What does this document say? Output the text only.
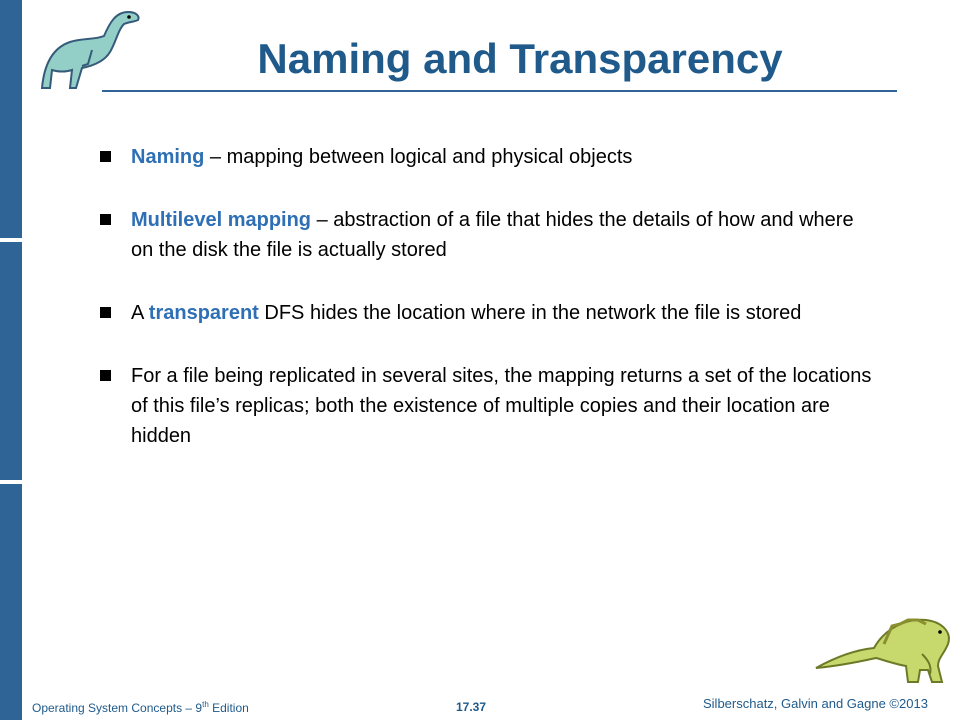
Naming and Transparency
Naming – mapping between logical and physical objects
Multilevel mapping – abstraction of a file that hides the details of how and where on the disk the file is actually stored
A transparent DFS hides the location where in the network the file is stored
For a file being replicated in several sites, the mapping returns a set of the locations of this file’s replicas; both the existence of multiple copies and their location are hidden
Operating System Concepts – 9th Edition	17.37	Silberschatz, Galvin and Gagne ©2013
